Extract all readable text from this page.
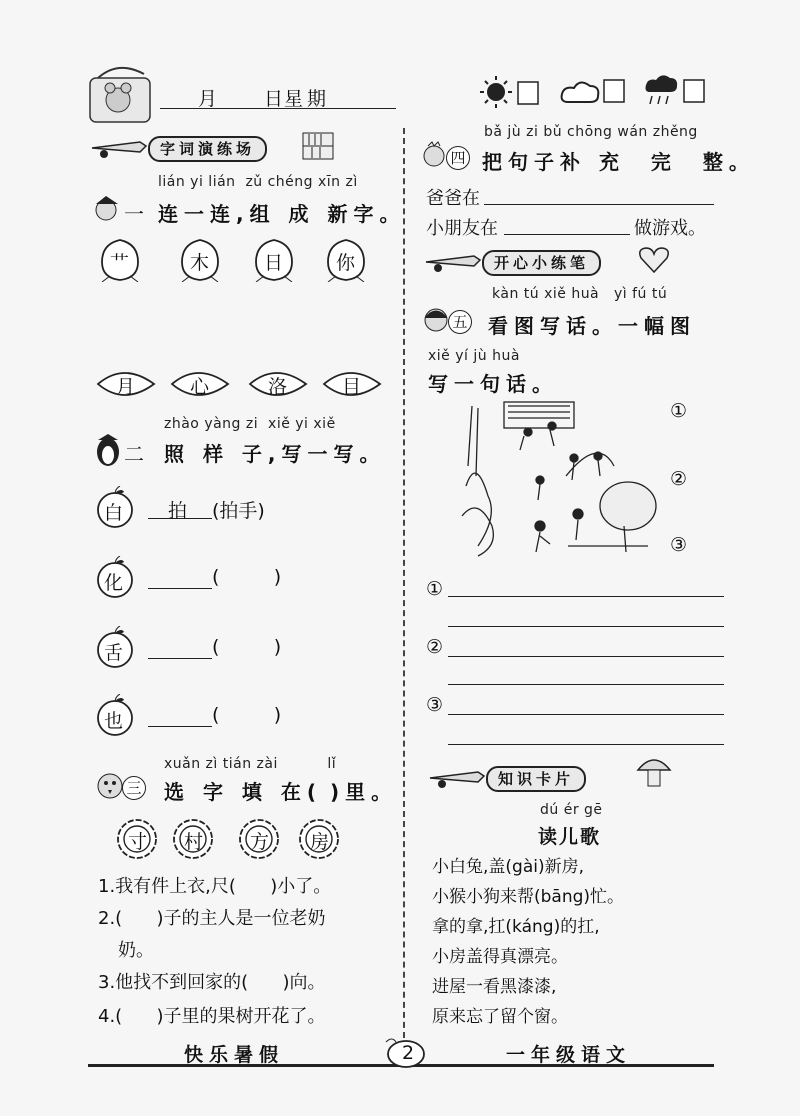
月 日 星期
字词演练场
lián yi lián  zǔ chéng xīn zì
一 连一连,组 成 新字。
艹	木	日	你
月	心	洛	目
zhào yàng zi  xiě yi xiě
二 照 样 子,写一写。
白 拍 (拍手)
化	(         )
舌	(         )
也	(         )
xuǎn zì tián zài          lǐ
三 选 字 填 在( )里。
寸 村 方 房
1.我有件上衣,尺(      )小了。
2.(      )子的主人是一位老奶
奶。
3.他找不到回家的(      )向。
4.(      )子里的果树开花了。
bǎ jù zi bǔ chōng wán zhěng
四 把句子补 充  完  整。
爸爸在
小朋友在	做游戏。
开心小练笔
kàn tú xiě huà   yì fú tú
五 看图写话。一幅图
xiě yí jù huà
写一句话。
①
②
③
①
②
③
知识卡片
dú ér gē
读儿歌
小白兔,盖(gài)新房,
小猴小狗来帮(bāng)忙。
拿的拿,扛(káng)的扛,
小房盖得真漂亮。
进屋一看黑漆漆,
原来忘了留个窗。
快乐暑假	2	一年级语文
